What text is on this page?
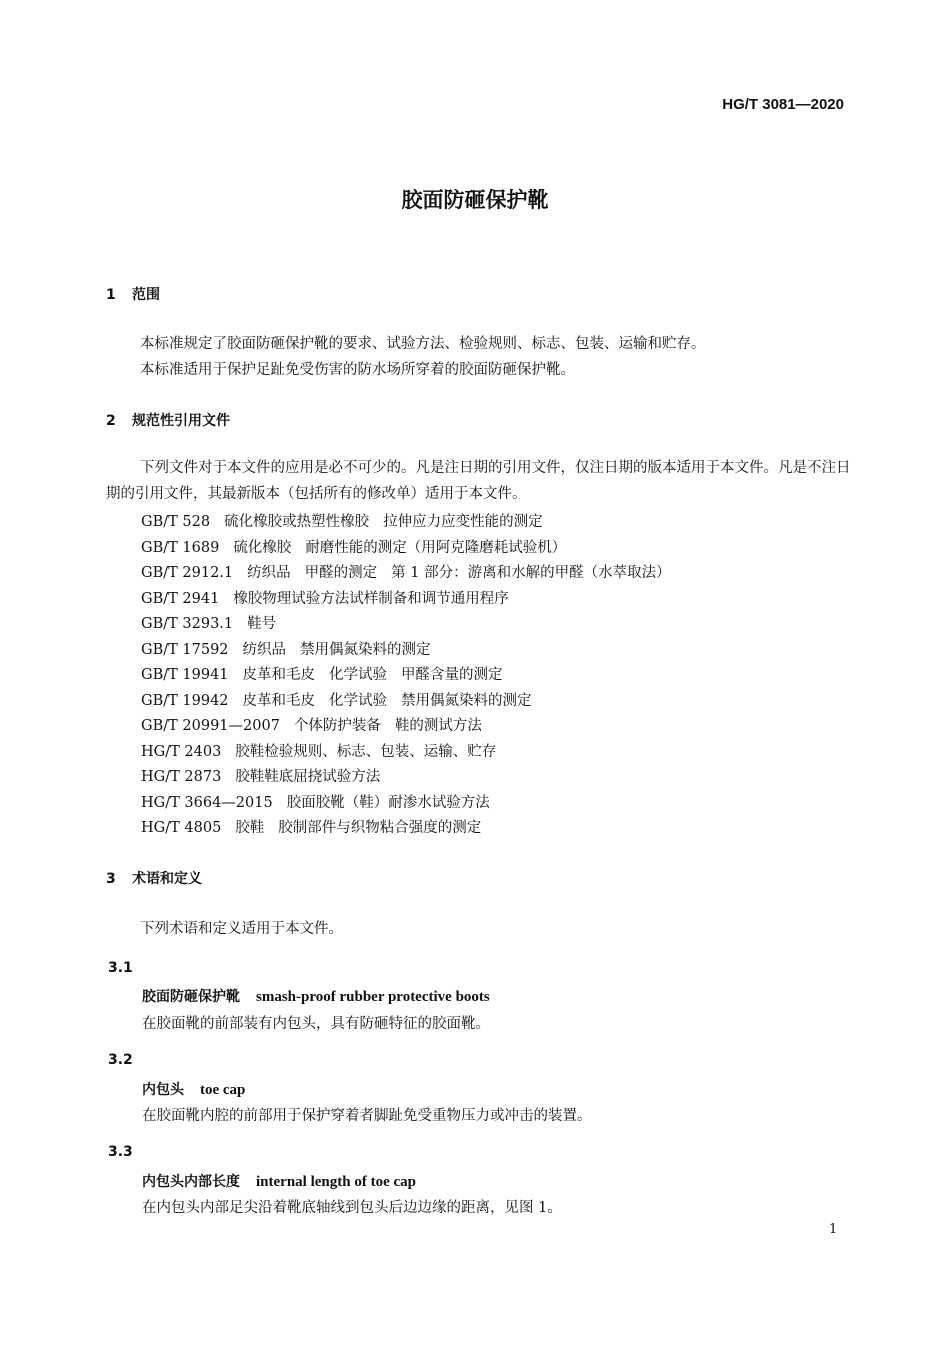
HG/T 3081—2020
胶面防砸保护靴
1 范围
本标准规定了胶面防砸保护靴的要求、试验方法、检验规则、标志、包装、运输和贮存。
本标准适用于保护足趾免受伤害的防水场所穿着的胶面防砸保护靴。
2 规范性引用文件
下列文件对于本文件的应用是必不可少的。凡是注日期的引用文件，仅注日期的版本适用于本文件。凡是不注日期的引用文件，其最新版本（包括所有的修改单）适用于本文件。
GB/T 528 硫化橡胶或热塑性橡胶 拉伸应力应变性能的测定
GB/T 1689 硫化橡胶 耐磨性能的测定（用阿克隆磨耗试验机）
GB/T 2912.1 纺织品 甲醛的测定 第 1 部分：游离和水解的甲醛（水萃取法）
GB/T 2941 橡胶物理试验方法试样制备和调节通用程序
GB/T 3293.1 鞋号
GB/T 17592 纺织品 禁用偶氮染料的测定
GB/T 19941 皮革和毛皮 化学试验 甲醛含量的测定
GB/T 19942 皮革和毛皮 化学试验 禁用偶氮染料的测定
GB/T 20991—2007 个体防护装备 鞋的测试方法
HG/T 2403 胶鞋检验规则、标志、包装、运输、贮存
HG/T 2873 胶鞋鞋底屈挠试验方法
HG/T 3664—2015 胶面胶靴（鞋）耐渗水试验方法
HG/T 4805 胶鞋 胶制部件与织物粘合强度的测定
3 术语和定义
下列术语和定义适用于本文件。
3.1
胶面防砸保护靴 smash-proof rubber protective boots
在胶面靴的前部装有内包头，具有防砸特征的胶面靴。
3.2
内包头 toe cap
在胶面靴内腔的前部用于保护穿着者脚趾免受重物压力或冲击的装置。
3.3
内包头内部长度 internal length of toe cap
在内包头内部足尖沿着靴底轴线到包头后边边缘的距离，见图 1。
1
